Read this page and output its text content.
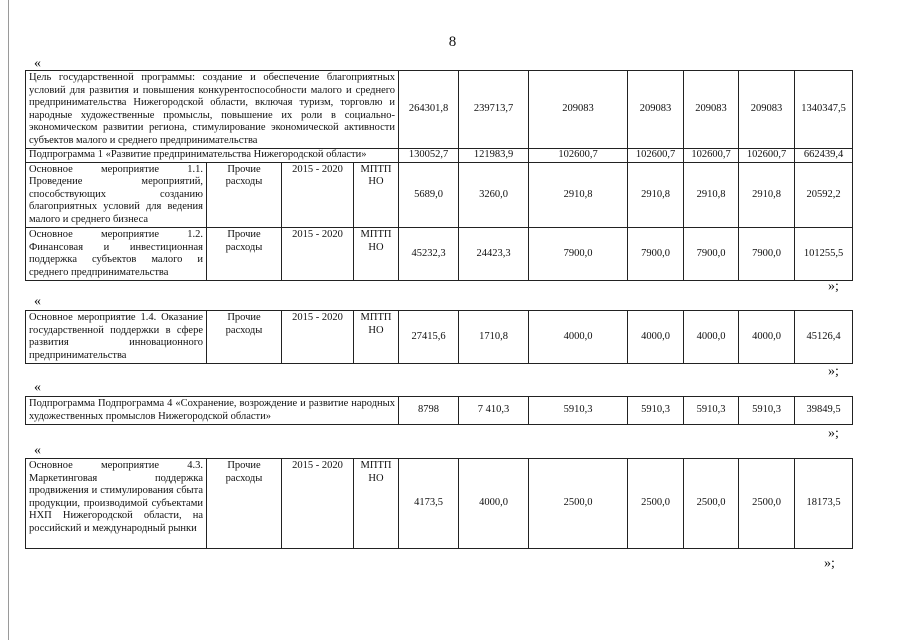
8
«
Цель государственной программы: создание и обеспечение благоприятных условий для развития и повышения конкурентоспособности малого и среднего предпринимательства Нижегородской области, включая туризм, торговлю и народные художественные промыслы, повышение их роли в социально-экономическом развитии региона, стимулирование экономической активности субъектов малого и среднего предпринимательства				264301,8	239713,7	209083	209083	209083	209083	1340347,5
Подпрограмма 1 «Развитие предпринимательства Нижегородской области»				130052,7	121983,9	102600,7	102600,7	102600,7	102600,7	662439,4
Основное мероприятие 1.1. Проведение мероприятий, способствующих созданию благоприятных условий для ведения малого и среднего бизнеса	Прочие расходы	2015 - 2020	МПТП НО	5689,0	3260,0	2910,8	2910,8	2910,8	2910,8	20592,2
Основное мероприятие 1.2. Финансовая и инвестиционная поддержка субъектов малого и среднего предпринимательства	Прочие расходы	2015 - 2020	МПТП НО	45232,3	24423,3	7900,0	7900,0	7900,0	7900,0	101255,5
»;
«
Основное мероприятие 1.4. Оказание государственной поддержки в сфере развития инновационного предпринимательства	Прочие расходы	2015 - 2020	МПТП НО	27415,6	1710,8	4000,0	4000,0	4000,0	4000,0	45126,4
»;
«
Подпрограмма Подпрограмма 4 «Сохранение, возрождение и развитие народных художественных промыслов Нижегородской области»	8798	7 410,3	5910,3	5910,3	5910,3	5910,3	39849,5
»;
«
Основное мероприятие 4.3. Маркетинговая поддержка продвижения и стимулирования сбыта продукции, производимой субъектами НХП Нижегородской области, на российский и международный рынки	Прочие расходы	2015 - 2020	МПТП НО	4173,5	4000,0	2500,0	2500,0	2500,0	2500,0	18173,5
»;
